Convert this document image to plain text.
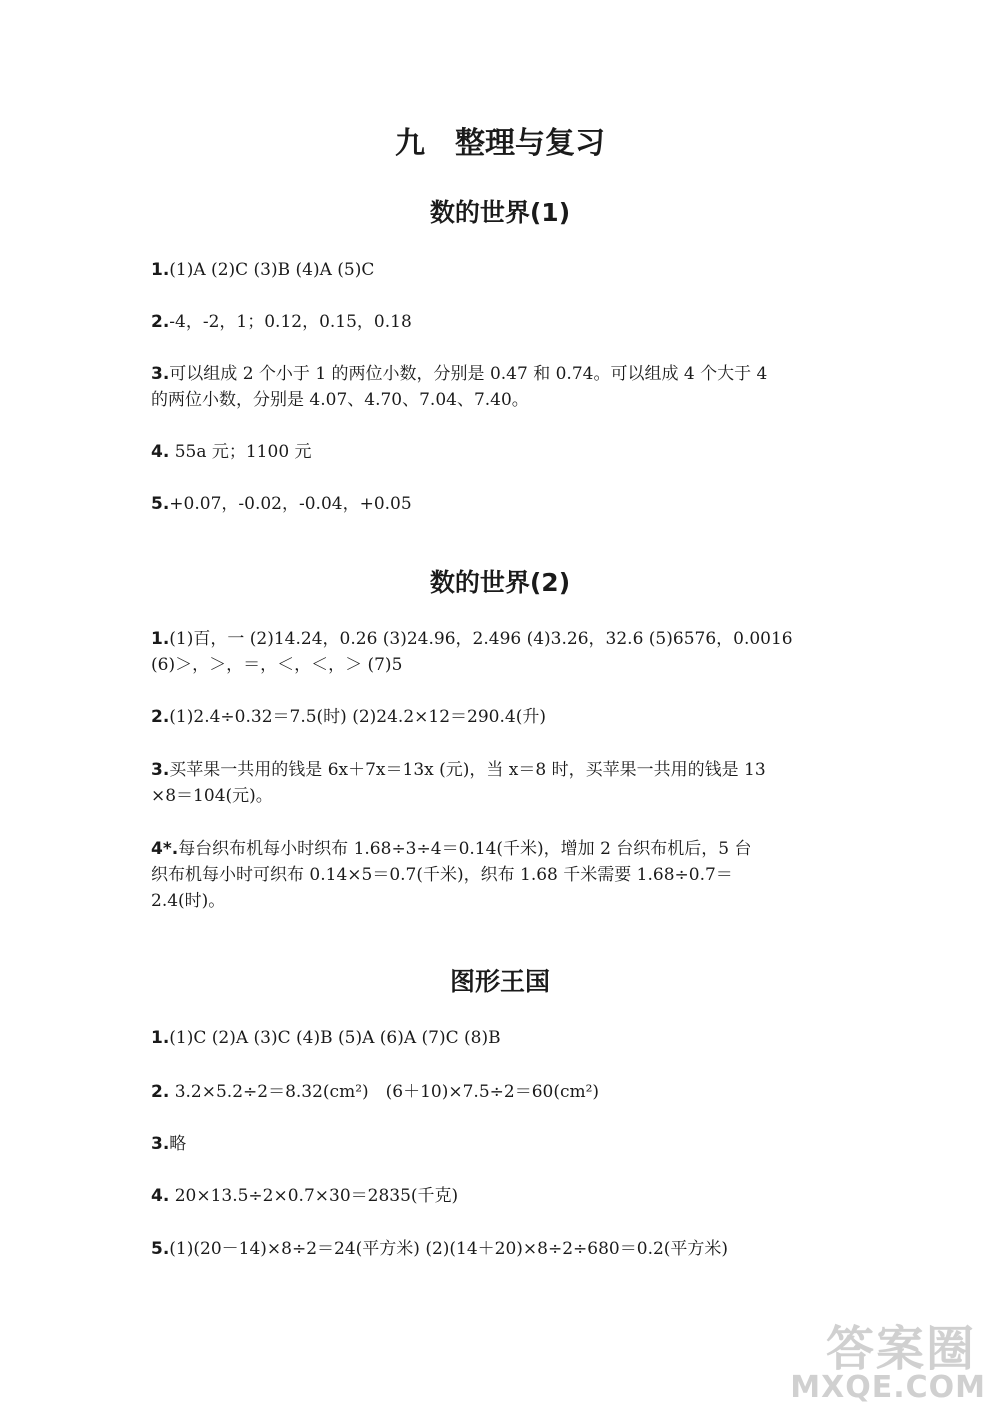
九　整理与复习
数的世界(1)
1.(1)A (2)C (3)B (4)A (5)C
2.-4，-2，1；0.12，0.15，0.18
3.可以组成 2 个小于 1 的两位小数，分别是 0.47 和 0.74。可以组成 4 个大于 4
的两位小数，分别是 4.07、4.70、7.04、7.40。
4. 55a 元；1100 元
5.+0.07，-0.02，-0.04，+0.05
数的世界(2)
1.(1)百，一 (2)14.24，0.26 (3)24.96，2.496 (4)3.26，32.6 (5)6576，0.0016
(6)＞，＞，＝，＜，＜，＞ (7)5
2.(1)2.4÷0.32＝7.5(时) (2)24.2×12＝290.4(升)
3.买苹果一共用的钱是 6x＋7x＝13x (元)，当 x＝8 时，买苹果一共用的钱是 13
×8＝104(元)。
4*.每台织布机每小时织布 1.68÷3÷4＝0.14(千米)，增加 2 台织布机后，5 台
织布机每小时可织布 0.14×5＝0.7(千米)，织布 1.68 千米需要 1.68÷0.7＝
2.4(时)。
图形王国
1.(1)C (2)A (3)C (4)B (5)A (6)A (7)C (8)B
2. 3.2×5.2÷2＝8.32(cm²)　(6＋10)×7.5÷2＝60(cm²)
3.略
4. 20×13.5÷2×0.7×30＝2835(千克)
5.(1)(20－14)×8÷2＝24(平方米) (2)(14＋20)×8÷2÷680＝0.2(平方米)
答案圈
MXQE.COM
